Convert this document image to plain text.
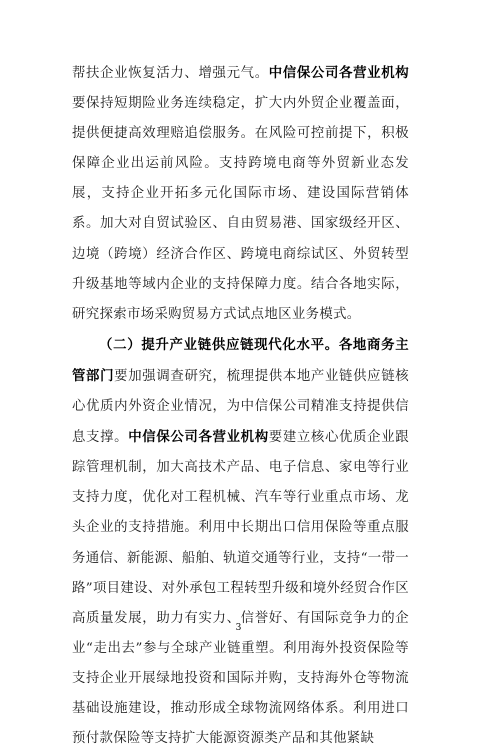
帮扶企业恢复活力、增强元气。中信保公司各营业机构要保持短期险业务连续稳定，扩大内外贸企业覆盖面，提供便捷高效理赔追偿服务。在风险可控前提下，积极保障企业出运前风险。支持跨境电商等外贸新业态发展，支持企业开拓多元化国际市场、建设国际营销体系。加大对自贸试验区、自由贸易港、国家级经开区、边境（跨境）经济合作区、跨境电商综试区、外贸转型升级基地等域内企业的支持保障力度。结合各地实际，研究探索市场采购贸易方式试点地区业务模式。

（二）提升产业链供应链现代化水平。各地商务主管部门要加强调查研究，梳理提供本地产业链供应链核心优质内外资企业情况，为中信保公司精准支持提供信息支撑。中信保公司各营业机构要建立核心优质企业跟踪管理机制，加大高技术产品、电子信息、家电等行业支持力度，优化对工程机械、汽车等行业重点市场、龙头企业的支持措施。利用中长期出口信用保险等重点服务通信、新能源、船舶、轨道交通等行业，支持“一带一路”项目建设、对外承包工程转型升级和境外经贸合作区高质量发展，助力有实力、信誉好、有国际竞争力的企业“走出去”参与全球产业链重塑。利用海外投资保险等支持企业开展绿地投资和国际并购，支持海外仓等物流基础设施建设，推动形成全球物流网络体系。利用进口预付款保险等支持扩大能源资源类产品和其他紧缺

3
